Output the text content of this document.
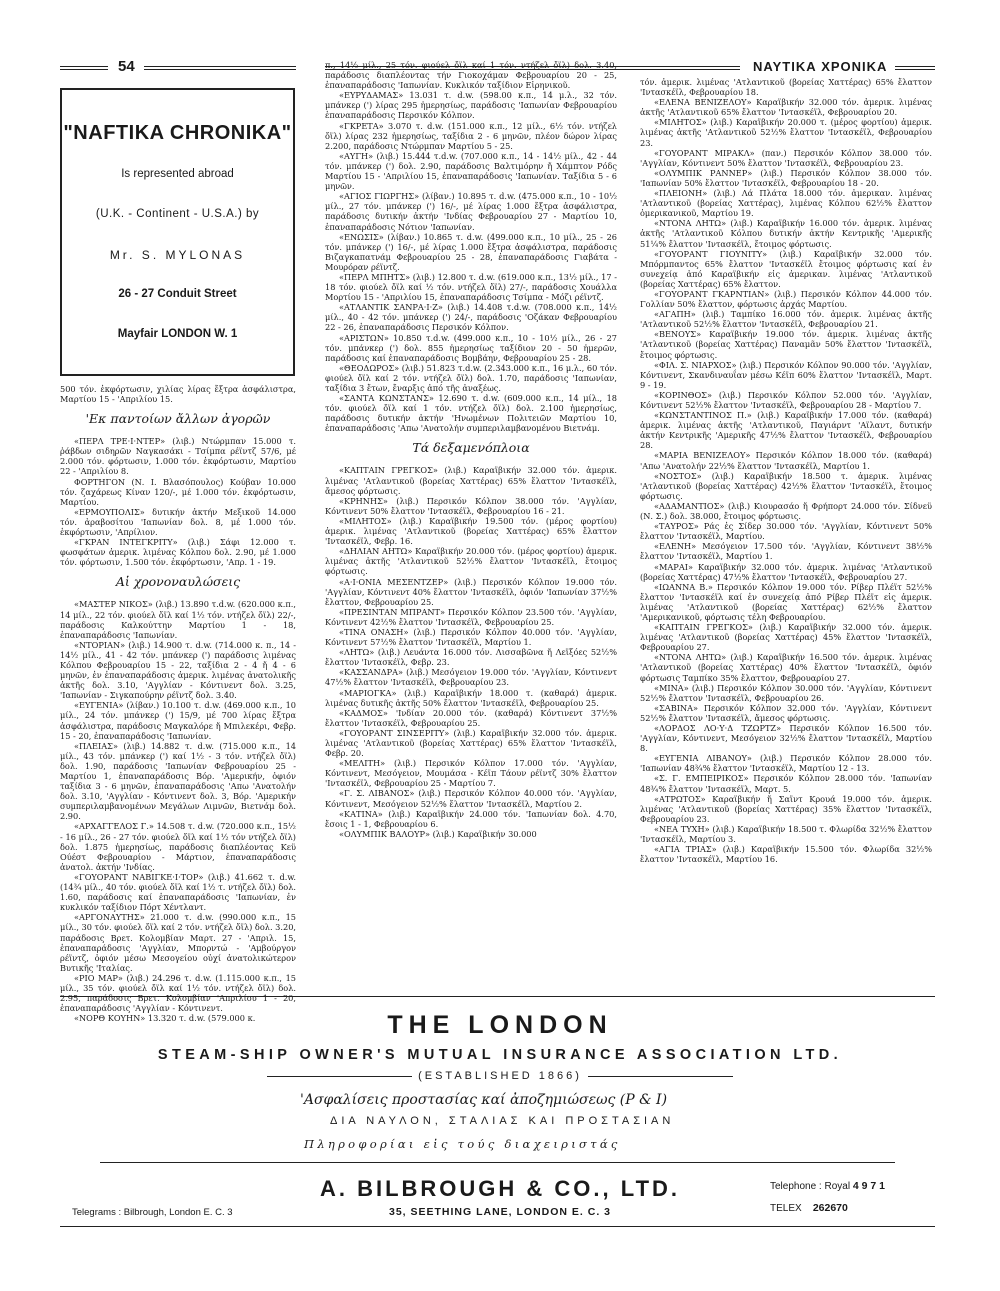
54	ΝΑΥΤΙΚΑ ΧΡΟΝΙΚΑ
"NAFTIKA CHRONIKA"
Is represented abroad
(U.K. - Continent - U.S.A.) by
Mr. S. MYLONAS
26 - 27 Conduit Street
Mayfair LONDON W. 1

500 τόν. ἐκφόρτωσιν, χιλίας λίρας ἔξτρα ἀσφάλιστρα, Μαρτίου 15 - 'Απριλίου 15.

'Εκ παντοίων ἄλλων ἀγορῶν

«ΠΕΡΛ ΤΡΕ·Ι·ΝΤΕΡ» (λιβ.) Ντώρμπαν 15.000 τ. ῥάβδων σιδηρῶν Ναγκασάκι - Τσίμπα ρέϊντζ 57/6, μέ 2.000 τόν. φόρτωσιν, 1.000 τόν. ἐκφόρτωσιν, Μαρτίου 22 - 'Απριλίου 8.

ΦΟΡΤΗΓΟΝ (Ν. Ι. Βλασόπουλος) Κούβαν 10.000 τόν. ζαχάρεως Κίναν 120/-, μέ 1.000 τόν. ἐκφόρτωσιν, Μαρτίου.

«ΕΡΜΟΥΠΟΛΙΣ» δυτικήν ἀκτήν Μεξικοῦ 14.000 τόν. ἀραβοσίτου 'Ιαπωνίαν δολ. 8, μέ 1.000 τόν. ἐκφόρτωσιν, 'Απρίλιον.

«ΓΚΡΑΝ ΙΝΤΕΓΚΡΙΤΥ» (λιβ.) Σάφι 12.000 τ. φωσφάτων ἀμερικ. λιμένας Κόλπου δολ. 2.90, μέ 1.000 τόν. φόρτωσιν, 1.500 τόν. ἐκφόρτωσιν, 'Απρ. 1 - 19.

Αἱ χρονοναυλώσεις

«ΜΑΣΤΕΡ ΝΙΚΟΣ» (λιβ.) 13.890 τ.d.w. (620.000 κ.π., 14 μίλ., 22 τόν. φιούελ ὄϊλ καί 1½ τόν. ντήζελ ὄϊλ) 22/-, παράδοσις Καλκούττην Μαρτίου 1 - 18, ἐπαναπαράδοσις 'Ιαπωνίαν.

«ΝΤΟΡΙΑΝ» (λιβ.) 14.900 τ. d.w. (714.000 κ. π., 14 - 14½ μίλ., 41 - 42 τόν. μπάνκερ (') παράδοσις λιμένας Κόλπου Φεβρουαρίου 15 - 22, ταξίδια 2 - 4 ἤ 4 - 6 μηνῶν, ἐν ἐπαναπαράδοσις ἀμερικ. λιμένας ἀνατολικῆς ἀκτῆς δολ. 3.10, 'Αγγλίαν - Κόντινεντ δολ. 3.25, 'Ιαπωνίαν - Σιγκαπούρην ρέϊντζ δολ. 3.40.

«ΕΥΓΕΝΙΑ» (λίβαν.) 10.100 τ. d.w. (469.000 κ.π., 10 μίλ., 24 τόν. μπάνκερ (') 15/9, μέ 700 λίρας ἔξτρα ἀσφάλιστρα, παράδοσις Μαγκαλόρε ἤ Μπιλεκέρι, Φεβρ. 15 - 20, ἐπαναπαράδοσις 'Ιαπωνίαν.

«ΠΛΕΙΑΣ» (λιβ.) 14.882 τ. d.w. (715.000 κ.π., 14 μίλ., 43 τόν. μπάνκερ (') καί 1½ - 3 τόν. ντήζελ ὄϊλ) δολ. 1.90, παράδοσις 'Ιαπωνίαν Φεβρουαρίου 25 - Μαρτίου 1, ἐπαναπαράδοσις Βόρ. 'Αμερικήν, ὀφιόν ταξίδια 3 - 6 μηνῶν, ἐπαναπαράδοσις 'Απω 'Ανατολήν δολ. 3.10, 'Αγγλίαν - Κόντινεντ δολ. 3, Βόρ. 'Αμερικήν συμπεριλαμβανομένων Μεγάλων Λιμνῶν, Βιετνάμ δολ. 2.90.

«ΑΡΧΑΓΓΕΛΟΣ Γ.» 14.508 τ. d.w. (720.000 κ.π., 15½ - 16 μίλ., 26 - 27 τόν. φιούελ ὄϊλ καί 1½ τόν ντήζελ ὄϊλ) δολ. 1.875 ἡμερησίως, παράδοσις διαπλέοντας Κεϋ Ούέστ Φεβρουαρίου - Μάρτιον, ἐπαναπαράδοσις ἀνατολ. ἀκτήν 'Ινδίας.

«ΓΟΥΟΡΑΝΤ ΝΑΒΙΓΚΕ·Ι·ΤΟΡ» (λιβ.) 41.662 τ. d.w. (14¾ μίλ., 40 τόν. φιούελ ὄϊλ καί 1½ τ. ντήζελ ὄϊλ) δολ. 1.60, παράδοσις καί ἐπαναπαράδοσις 'Ιαπωνίαν, ἐν κυκλικόν ταξίδιον Πόρτ Χέντλαντ.

«ΑΡΓΟΝΑΥΤΗΣ» 21.000 τ. d.w. (990.000 κ.π., 15 μίλ., 30 τόν. φιούελ ὄϊλ καί 2 τόν. ντήζελ ὄϊλ) δολ. 3.20, παράδοσις Βρετ. Κολομβίαν Μαρτ. 27 - 'Απριλ. 15, ἐπαναπαράδοσις 'Αγγλίαν, Μπορντώ - 'Αμβούργον ρέϊντζ, ὀφιόν μέσω Μεσογείου οὐχί ἀνατολικώτερον Βυτικῆς 'Ιταλίας.

«ΡΙΟ ΜΑΡ» (λιβ.) 24.296 τ. d.w. (1.115.000 κ.π., 15 μίλ., 35 τόν. φιούελ ὄϊλ καί 1½ τόν. ντήζελ ὄϊλ) δολ. 2.95, παράδοσις Βρετ. Κολομβίαν 'Απριλίου 1 - 20, ἐπαναπαράδοσις 'Αγγλίαν - Κόντινεντ.

«ΝΟΡΘ ΚΟΥΗΝ» 13.320 τ. d.w. (579.000 κ.

π., 14½ μίλ., 25 τόν. φιούελ ὄϊλ καί 1 τόν. ντήζελ ὄϊλ) δολ. 3.40, παράδοσις διαπλέοντας τήν Γιοκοχάμαν Φεβρουαρίου 20 - 25, ἐπαναπαράδοσις 'Ιαπωνίαν. Κυκλικόν ταξίδιον Εἰρηνικοῦ.

«ΕΥΡΥΔΑΜΑΣ» 13.031 τ. d.w. (598.00 κ.π., 14 μ.λ., 32 τόν. μπάνκερ (') λίρας 295 ἡμερησίως, παράδοσις 'Ιαπωνίαν Φεβρουαρίου ἐπαναπαράδοσις Περσικόν Κόλπον.

«ΓΚΡΕΤΑ» 3.070 τ. d.w. (151.000 κ.π., 12 μίλ., 6½ τόν. ντήζελ ὄϊλ) λίρας 232 ἡμερησίως, ταξίδια 2 - 6 μηνῶν, πλέον δώρον λίρας 2.200, παράδοσις Ντώρμπαν Μαρτίου 5 - 25.

«ΑΥΓΗ» (λιβ.) 15.444 τ.d.w. (707.000 κ.π., 14 - 14½ μίλ., 42 - 44 τόν. μπάνκερ (') δολ. 2.90, παράδοσις Βαλτιμόρην ἤ Χάμπτον Ρόδς Μαρτίου 15 - 'Απριλίου 15, ἐπαναπαράδοσις 'Ιαπωνίαν. Ταξίδια 5 - 6 μηνῶν.

«ΑΓΙΟΣ ΓΙΩΡΓΗΣ» (λίβαν.) 10.895 τ. d.w. (475.000 κ.π., 10 - 10½ μίλ., 27 τόν. μπάνκερ (') 16/-, μέ λίρας 1.000 ἔξτρα ἀσφάλιστρα, παράδοσις δυτικήν ἀκτήν 'Ινδίας Φεβρουαρίου 27 - Μαρτίου 10, ἐπαναπαράδοσις Νότιον 'Ιαπωνίαν.

«ΕΝΩΣΙΣ» (λίβαν.) 10.865 τ. d.w. (499.000 κ.π., 10 μίλ., 25 - 26 τόν. μπάνκερ (') 16/-, μέ λίρας 1.000 ἔξτρα ἀσφάλιστρα, παράδοσις Βιζαγκαπατνάμ Φεβρουαρίου 25 - 28, ἐπαναπαράδοσις Γιαβάτα - Μουρόραν ρέϊντζ.

«ΠΕΡΛ ΜΠΗΤΣ» (λιβ.) 12.800 τ. d.w. (619.000 κ.π., 13½ μίλ., 17 - 18 τόν. φιούελ ὄϊλ καί ½ τόν. ντήζελ ὄϊλ) 27/-, παράδοσις Χουάλλα Μορτίου 15 - 'Απριλίου 15, ἐπαναπαράδοσις Τσίμπα - Μόζι ρέϊντζ.

«ΑΤΛΑΝΤΙΚ ΣΑΝΡΑ·Ι·Ζ» (λιβ.) 14.408 τ.d.w. (708.000 κ.π., 14½ μίλ., 40 - 42 τόν. μπάνκερ (') 24/-, παράδοσις 'Οζάκαν Φεβρουαρίου 22 - 26, ἐπαναπαράδοσις Περσικόν Κόλπον.

«ΑΡΙΣΤΩΝ» 10.850 τ.d.w. (499.000 κ.π., 10 - 10½ μίλ., 26 - 27 τόν. μπάνκερ (') δολ. 855 ἡμερησίως ταξίδιον 20 - 50 ἡμερῶν, παράδοσις καί ἐπαναπαράδοσις Βομβάην, Φεβρουαρίου 25 - 28.

«ΘΕΟΔΩΡΟΣ» (λιβ.) 51.823 τ.d.w. (2.343.000 κ.π., 16 μ.λ., 60 τόν. φιούελ ὄϊλ καί 2 τόν. ντήζελ ὄϊλ) δολ. 1.70, παράδοσις 'Ιαπωνίαν, ταξίδια 3 ἔτων, ἔναρξις ἀπό τῆς ἀναξέως.

«ΣΑΝΤΑ ΚΩΝΣΤΑΝΣ» 12.690 τ. d.w. (609.000 κ.π., 14 μίλ., 18 τόν. φιούελ ὄϊλ καί 1 τόν. ντήζελ ὄϊλ) δολ. 2.100 ἡμερησίως, παράδοσις δυτικήν ἀκτήν 'Ηνωμένων Πολιτειῶν Μαρτίου 10, ἐπαναπαράδοσις 'Απω 'Ανατολήν συμπεριλαμβανομένου Βιετνάμ.

Τά δεξαμενόπλοια

«ΚΑΠΤΑΙΝ ΓΡΕΓΚΟΣ» (λιβ.) Καραϊβικήν 32.000 τόν. ἀμερικ. λιμένας 'Ατλαντικοῦ (βορείας Χαττέρας) 65% ἔλαττον 'Ιντασκέϊλ, ἄμεσος φόρτωσις.

«ΚΡΗΝΗΣ» (λιβ.) Περσικόν Κόλπον 38.000 τόν. 'Αγγλίαν, Κόντινεντ 50% ἔλαττον 'Ιντασκέϊλ, Φεβρουαρίου 16 - 21.

«ΜΙΛΗΤΟΣ» (λιβ.) Καραϊβικήν 19.500 τόν. (μέρος φορτίου) ἀμερικ. λιμένας 'Ατλαντικοῦ (βορείας Χαττέρας) 65% ἔλαττον 'Ιντασκέϊλ, Φεβρ. 16.

«ΔΗΛΙΑΝ ΑΗΤΩ» Καραϊβικήν 20.000 τόν. (μέρος φορτίου) ἀμερικ. λιμένας ἀκτῆς 'Ατλαντικοῦ 52½% ἔλαττον 'Ιντασκέϊλ, ἔτοιμος φόρτωσις.

«Α·Ι·ΟΝΙΑ ΜΕΣΕΝΤΖΕΡ» (λιβ.) Περσικόν Κόλπον 19.000 τόν. 'Αγγλίαν, Κόντινεντ 40% ἔλαττον 'Ιντασκέϊλ, ὀφιόν 'Ιαπωνίαν 37½% ἔλαττον, Φεβρουαρίου 25.

«ΠΡΕΣΙΝΤΑΝ ΜΠΡΑΝΤ» Περσικόν Κόλπον 23.500 τόν. 'Αγγλίαν, Κόντινεντ 42½% ἔλαττον 'Ιντασκέϊλ, Φεβρουαρίου 25.

«ΤΙΝΑ ΟΝΑΣΗ» (λιβ.) Περσικόν Κόλπον 40.000 τόν. 'Αγγλίαν, Κόντινεντ 57½% ἔλαττον 'Ιντασκέϊλ, Μαρτίου 1.

«ΛΗΤΩ» (λιβ.) Λευάντα 16.000 τόν. Λισσαβῶνα ἤ Λεϊξόες 52½% ἔλαττον 'Ιντασκέϊλ, Φεβρ. 23.

«ΚΑΣΣΑΝΔΡΑ» (λιβ.) Μεσόγειον 19.000 τόν. 'Αγγλίαν, Κόντινεντ 47½% ἔλαττον 'Ιντασκέϊλ, Φεβρουαρίου 23.

«ΜΑΡΙΟΓΚΑ» (λιβ.) Καραϊβικήν 18.000 τ. (καθαρά) ἀμερικ. λιμένας δυτικῆς ἀκτῆς 50% ἔλαττον 'Ιντασκέϊλ, Φεβρουαρίου 25.

«ΚΑΔΜΟΣ» 'Ινδίαν 20.000 τόν. (καθαρά) Κόντινεντ 37½% ἔλαττον 'Ιντασκέϊλ, Φεβρουαρίου 25.

«ΓΟΥΟΡΑΝΤ ΣΙΝΣΕΡΙΤΥ» (λιβ.) Καραϊβικήν 32.000 τόν. ἀμερικ. λιμένας 'Ατλαντικοῦ (βορείας Χαττέρας) 65% ἔλαττον 'Ιντασκέϊλ, Φεβρ. 20.

«ΜΕΛΙΤΗ» (λιβ.) Περσικόν Κόλπον 17.000 τόν. 'Αγγλίαν, Κόντινεντ, Μεσόγειον, Μουμάσα - Κέϊπ Τάουν ρέϊντζ 30% ἔλαττον 'Ιντασκέϊλ, Φεβρουαρίου 25 - Μαρτίου 7.

«Γ. Σ. ΛΙΒΑΝΟΣ» (λιβ.) Περσικόν Κόλπον 40.000 τόν. 'Αγγλίαν, Κόντινεντ, Μεσόγειον 52½% ἔλαττον 'Ιντασκέϊλ, Μαρτίου 2.

«ΚΑΤΙΝΑ» (λιβ.) Καραϊβικήν 24.000 τόν. 'Ιαπωνίαν δολ. 4.70, ἔσοις 1 - 1, Φεβρουαρίου 6.

«ΟΛΥΜΠΙΚ ΒΑΛΟΥΡ» (λιβ.) Καραϊβικήν 30.000

τόν. ἀμερικ. λιμένας 'Ατλαντικοῦ (βορείας Χαττέρας) 65% ἔλαττον 'Ιντασκέϊλ, Φεβρουαρίου 18.

«ΕΛΕΝΑ ΒΕΝΙΖΕΛΟΥ» Καραϊβικήν 32.000 τόν. ἀμερικ. λιμένας ἀκτῆς 'Ατλαντικοῦ 65% ἔλαττον 'Ιντασκέϊλ, Φεβρουαρίου 20.

«ΜΙΛΗΤΟΣ» (λιβ.) Καραϊβικήν 20.000 τ. (μέρος φορτίου) ἀμερικ. λιμένας ἀκτῆς 'Ατλαντικοῦ 52½% ἔλαττον 'Ιντασκέϊλ, Φεβρουαρίου 23.

«ΓΟΥΟΡΑΝΤ ΜΙΡΑΚΛ» (παν.) Περσικόν Κόλπον 38.000 τόν. 'Αγγλίαν, Κόντινεντ 50% ἔλαττον 'Ιντασκέϊλ, Φεβρουαρίου 23.

«ΟΛΥΜΠΙΚ ΡΑΝΝΕΡ» (λιβ.) Περσικόν Κόλπον 38.000 τόν. 'Ιαπωνίαν 50% ἔλαττον 'Ιντασκέϊλ, Φεβρουαρίου 18 - 20.

«ΠΛΕΙΟΝΗ» (λιβ.) Λά Πλάτα 18.000 τόν. ἀμερικαν. λιμένας 'Ατλαντικοῦ (βορείας Χαττέρας), λιμένας Κόλπου 62½% ἔλαττον ὁμερικανικοῦ, Μαρτίου 19.

«ΝΤΟΝΑ ΛΗΤΩ» (λιβ.) Καραϊβικήν 16.000 τόν. ἀμερικ. λιμένας ἀκτῆς 'Ατλαντικοῦ Κόλπου δυτικήν ἀκτήν Κεντρικῆς 'Αμερικῆς 51¼% ἔλαττον 'Ιντασκέϊλ, ἔτοιμος φόρτωσις.

«ΓΟΥΟΡΑΝΤ ΓΙΟΥΝΙΤΥ» (λιβ.) Καραϊβικήν 32.000 τόν. Μπόρμπαντος 65% ἔλαττον 'Ιντασκέϊλ ἔτοιμος φόρτωσις καί ἐν συνεχείᾳ ἀπό Καραϊβικήν εἰς ἀμερικαν. λιμένας 'Ατλαντικοῦ (βορείας Χαττέρας) 65% ἔλαττον.

«ΓΟΥΟΡΑΝΤ ΓΚΑΡΝΤΙΑΝ» (λιβ.) Περσικόν Κόλπον 44.000 τόν. Γολλίαν 50% ἔλαττον, φόρτωσις ἀρχάς Μαρτίου.

«ΑΓΑΠΗ» (λιβ.) Ταμπίκο 16.000 τόν. ἀμερικ. λιμένας ἀκτῆς 'Ατλαντικοῦ 52½% ἔλαττον 'Ιντασκέϊλ, Φεβρουαρίου 21.

«ΒΕΝΟΥΣ» Καραϊβικήν 19.000 τόν. ἀμερικ. λιμένας ἀκτῆς 'Ατλαντικοῦ (βορείας Χαττέρας) Παναμᾶν 50% ἔλαττον 'Ιντασκέϊλ, ἔτοιμος φόρτωσις.

«ΦΙΛ. Σ. ΝΙΑΡΧΟΣ» (λιβ.) Περσικόν Κόλπον 90.000 τόν. 'Αγγλίαν, Κόντινεντ, Σκανδιναυΐαν μέσω Κέϊπ 60% ἔλαττον 'Ιντασκέϊλ, Μαρτ. 9 - 19.

«ΚΟΡΙΝΘΟΣ» (λιβ.) Περσικόν Κόλπον 52.000 τόν. 'Αγγλίαν, Κόντινεντ 52½% ἔλαττον 'Ιντασκέϊλ, Φεβρουαρίου 28 - Μαρτίου 7.

«ΚΩΝΣΤΑΝΤΙΝΟΣ Π.» (λιβ.) Καραϊβικήν 17.000 τόν. (καθαρά) ἀμερικ. λιμένας ἀκτῆς 'Ατλαντικοῦ, Παγιάρντ 'Αϊλαντ, δυτικήν ἀκτήν Κεντρικῆς 'Αμερικῆς 47½% ἔλαττον 'Ιντασκέϊλ, Φεβρουαρίου 28.

«ΜΑΡΙΑ ΒΕΝΙΖΕΛΟΥ» Περσικόν Κόλπον 18.000 τόν. (καθαρά) 'Απω 'Ανατολήν 22½% ἔλαττον 'Ιντασκέϊλ, Μαρτίου 1.

«ΝΟΣΤΟΣ» (λιβ.) Καραϊβικήν 18.500 τ. ἀμερικ. λιμένας 'Ατλαντικοῦ (βορείας Χαττέρας) 42½% ἔλαττον 'Ιντασκέϊλ, ἔτοιμος φόρτωσις.

«ΑΔΑΜΑΝΤΙΟΣ» (λιβ.) Κιουρασάο ἤ Φρήπορτ 24.000 τόν. Σίδνεϋ (Ν. Σ.) δολ. 38.000, ἔτοιμος φόρτωσις.

«ΤΑΥΡΟΣ» Ράς ἐς Σίδερ 30.000 τόν. 'Αγγλίαν, Κόντινεντ 50% ἔλαττον 'Ιντασκέϊλ, Μαρτίου.

«ΕΛΕΝΗ» Μεσόγειον 17.500 τόν. 'Αγγλίαν, Κόντινεντ 38½% ἔλαττον 'Ιντασκέϊλ, Μαρτίου 1.

«ΜΑΡΑΙ» Καραϊβικήν 32.000 τόν. ἀμερικ. λιμένας 'Ατλαντικοῦ (βορείας Χαττέρας) 47½% ἔλαττον 'Ιντασκέϊλ, Φεβρουαρίου 27.

«ΙΩΑΝΝΑ Β.» Περσικόν Κόλπον 19.000 τόν. Ρίβερ Πλέϊτ 52½% ἔλαττον 'Ιντασκέϊλ καί ἐν συνεχείᾳ ἀπό Ρίβερ Πλέϊτ εἰς ἀμερικ. λιμένας 'Ατλαντικοῦ (βορείας Χαττέρας) 62½% ἔλαττον 'Αμερικανικοῦ, φόρτωσις τέλη Φεβρουαρίου.

«ΚΑΠΤΑΙΝ ΓΡΕΓΚΟΣ» (λιβ.) Καραϊβικήν 32.000 τόν. ἀμερικ. λιμένας 'Ατλαντικοῦ (βορείας Χαττέρας) 45% ἔλαττον 'Ιντασκέϊλ, Φεβρουαρίου 27.

«ΝΤΟΝΑ ΛΗΤΩ» (λιβ.) Καραϊβικήν 16.500 τόν. ἀμερικ. λιμένας 'Ατλαντικοῦ (βορείας Χαττέρας) 40% ἔλαττον 'Ιντασκέϊλ, ὀφιόν φόρτωσις Ταμπίκο 35% ἔλαττον, Φεβρουαρίου 27.

«ΜΙΝΑ» (λιβ.) Περσικόν Κόλπον 30.000 τόν. 'Αγγλίαν, Κόντινεντ 52½% ἔλαττον 'Ιντασκέϊλ, Φεβρουαρίου 26.

«ΣΑΒΙΝΑ» Περσικόν Κόλπον 32.000 τόν. 'Αγγλίαν, Κόντινεντ 52½% ἔλαττον 'Ιντασκέϊλ, ἄμεσος φόρτωσις.

«ΛΟΡΔΟΣ ΛΟ·Υ·Δ ΤΖΩΡΤΖ» Περσικόν Κόλπον 16.500 τόν. 'Αγγλίαν, Κόντινεντ, Μεσόγειον 32½% ἔλαττον 'Ιντασκέϊλ, Μαρτίου 8.

«ΕΥΓΕΝΙΑ ΛΙΒΑΝΟΥ» (λιβ.) Περσικόν Κόλπον 28.000 τόν. 'Ιαπωνίαν 48¾% ἔλαττον 'Ιντασκέϊλ, Μαρτίου 12 - 13.

«Σ. Γ. ΕΜΠΕΙΡΙΚΟΣ» Περσικόν Κόλπον 28.000 τόν. 'Ιαπωνίαν 48¾% ἔλαττον 'Ιντασκέϊλ, Μαρτ. 5.

«ΑΤΡΩΤΟΣ» Καραϊβικήν ἤ Σαϊντ Κρουά 19.000 τόν. ἀμερικ. λιμένας 'Ατλαντικοῦ (βορείας Χαττέρας) 35% ἔλαττον 'Ιντασκέϊλ, Φεβρουαρίου 23.

«ΝΕΑ ΤΥΧΗ» (λιβ.) Καραϊβικήν 18.500 τ. Φλωρίδα 32½% ἔλαττον 'Ιντασκέϊλ, Μαρτίου 3.

«ΑΓΙΑ ΤΡΙΑΣ» (λιβ.) Καραϊβικήν 15.500 τόν. Φλωρίδα 32½% ἔλαττον 'Ιντασκέϊλ, Μαρτίου 16.

THE LONDON
STEAM-SHIP OWNER'S MUTUAL INSURANCE ASSOCIATION LTD.
(ESTABLISHED 1866)
'Ασφαλίσεις προστασίας καί ἀποζημιώσεως (P & I)
ΔΙΑ ΝΑΥΛΟΝ, ΣΤΑΛΙΑΣ ΚΑΙ ΠΡΟΣΤΑΣΙΑΝ
Πληροφορίαι εἰς τούς διαχειριστάς
A. BILBROUGH & CO., LTD.
35, SEETHING LANE, LONDON E. C. 3
Telegrams : Bilbrough, London E. C. 3
Telephone : Royal 4 9 7 1
TELEX 262670
